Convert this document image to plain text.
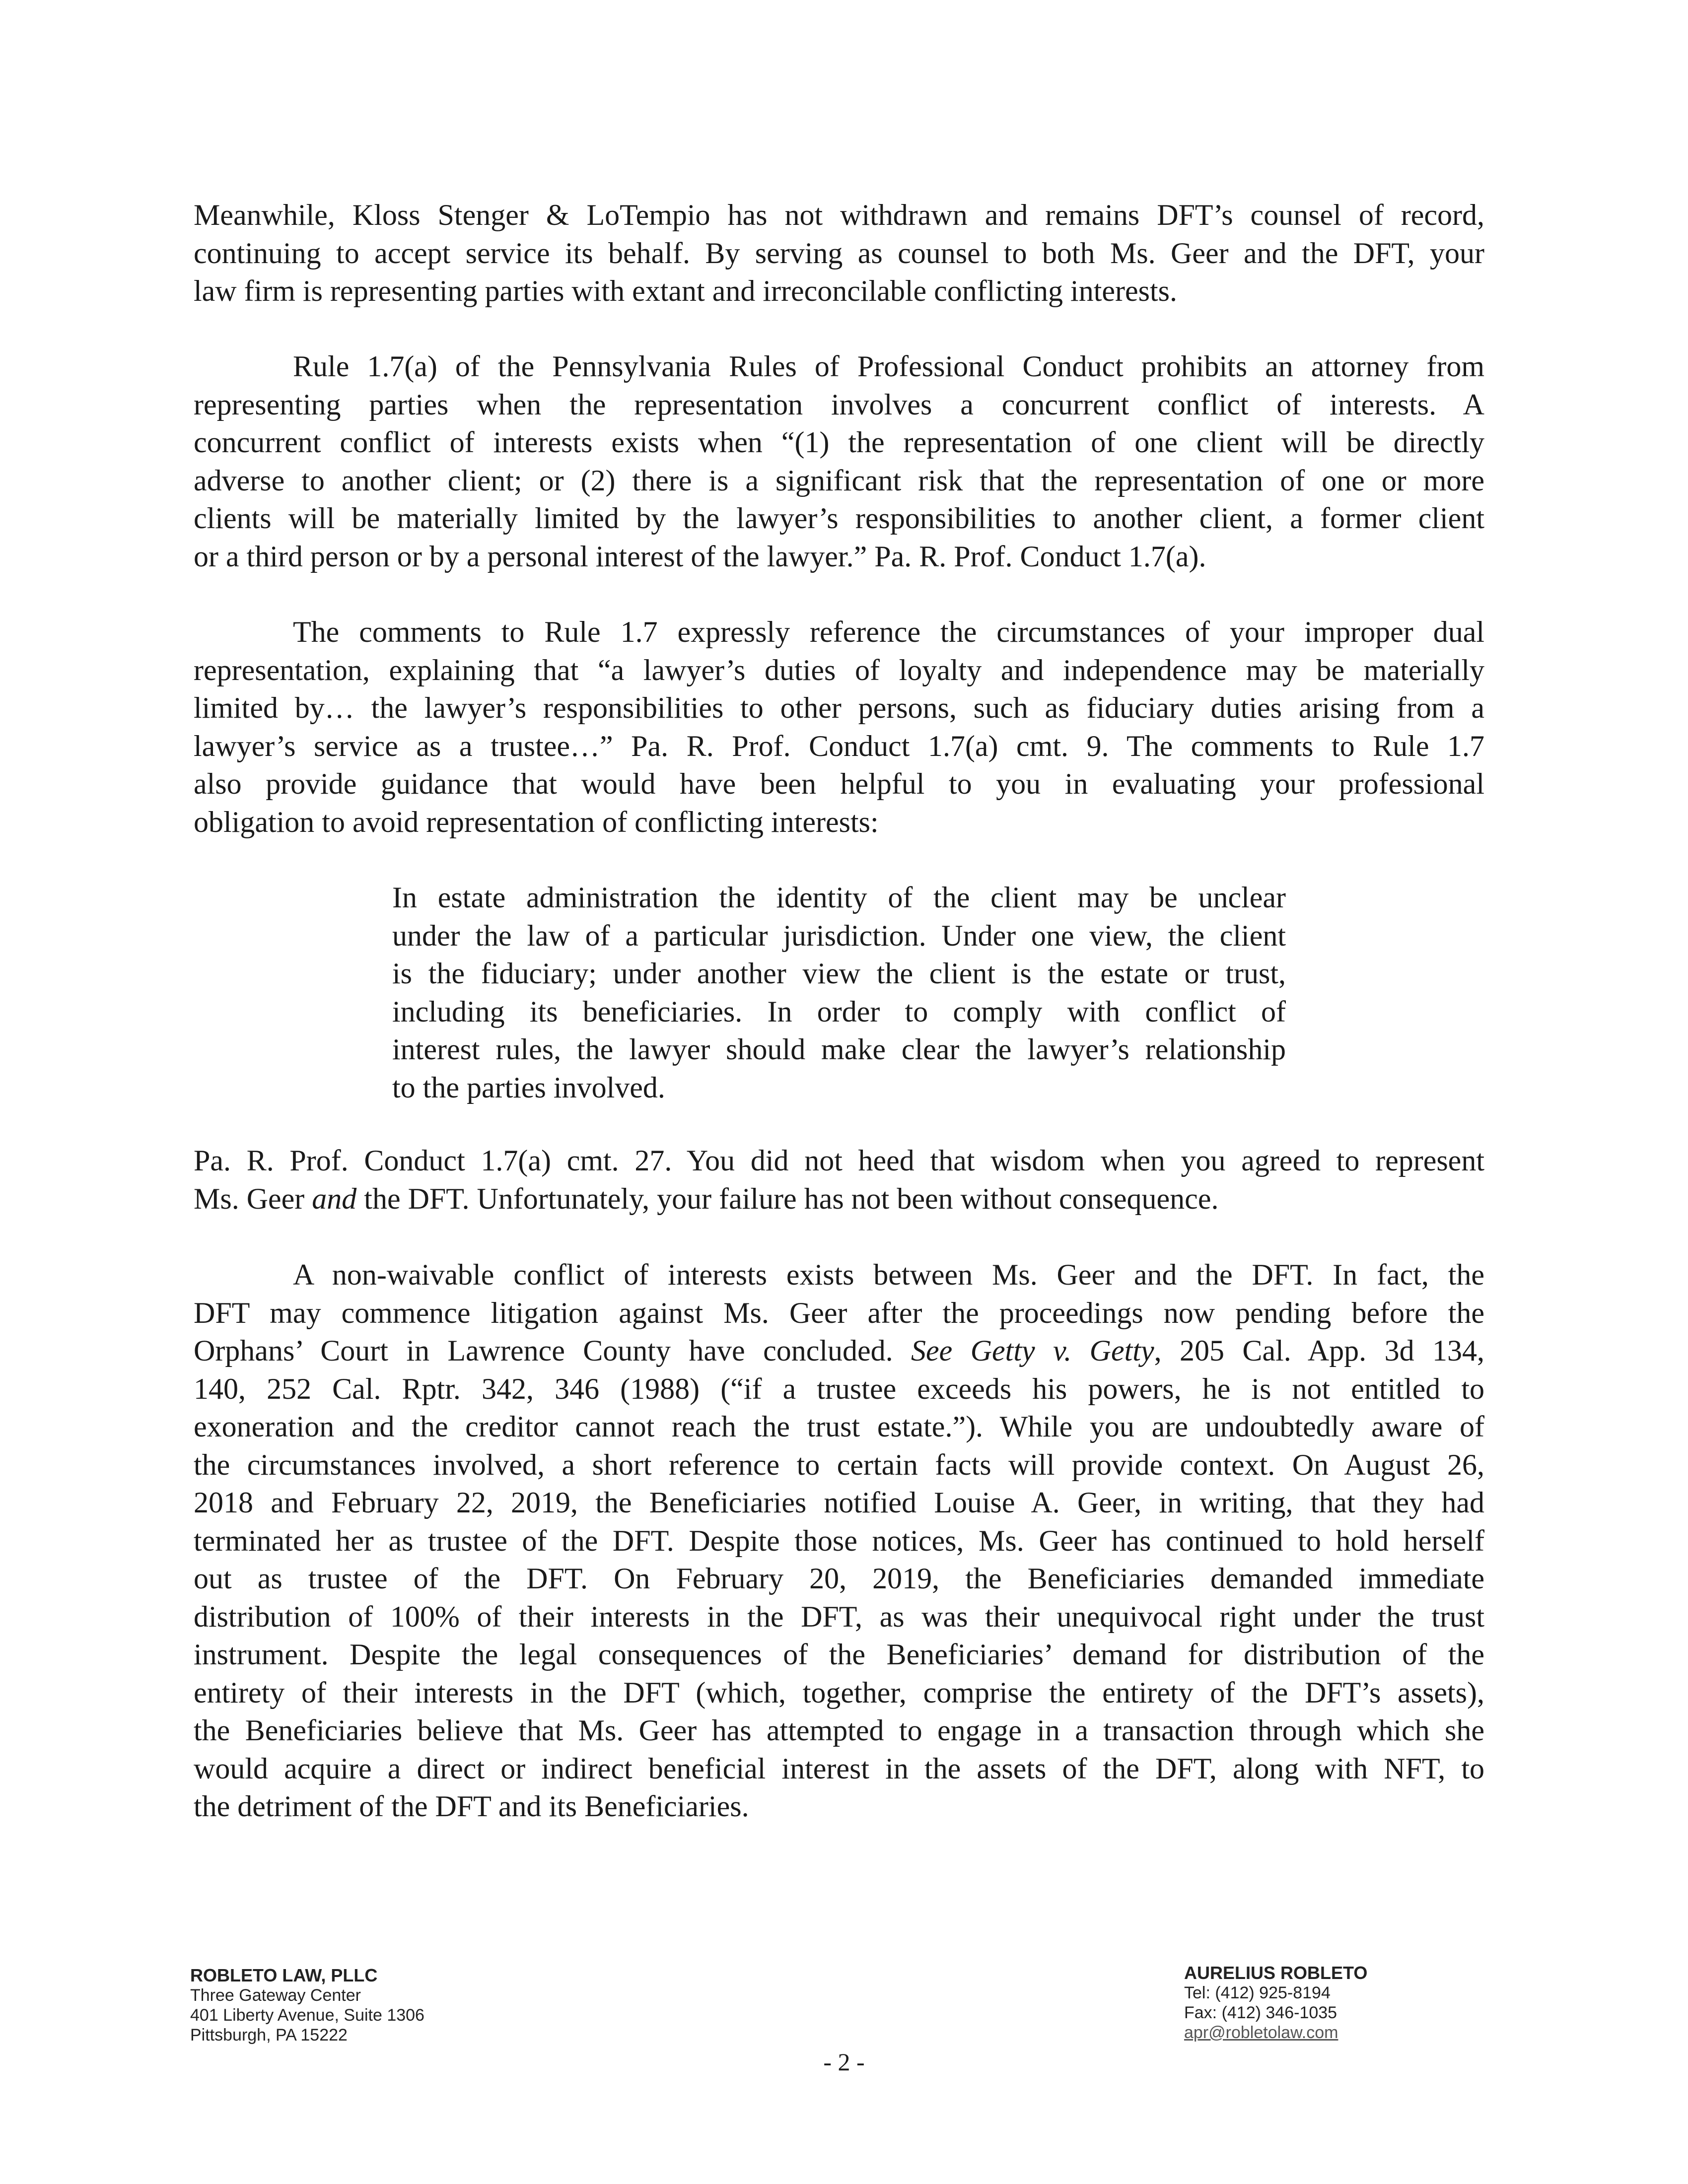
Meanwhile, Kloss Stenger & LoTempio has not withdrawn and remains DFT’s counsel of record,
continuing to accept service its behalf. By serving as counsel to both Ms. Geer and the DFT, your
law firm is representing parties with extant and irreconcilable conflicting interests.
Rule 1.7(a) of the Pennsylvania Rules of Professional Conduct prohibits an attorney from
representing parties when the representation involves a concurrent conflict of interests. A
concurrent conflict of interests exists when “(1) the representation of one client will be directly
adverse to another client; or (2) there is a significant risk that the representation of one or more
clients will be materially limited by the lawyer’s responsibilities to another client, a former client
or a third person or by a personal interest of the lawyer.” Pa. R. Prof. Conduct 1.7(a).
The comments to Rule 1.7 expressly reference the circumstances of your improper dual
representation, explaining that “a lawyer’s duties of loyalty and independence may be materially
limited by… the lawyer’s responsibilities to other persons, such as fiduciary duties arising from a
lawyer’s service as a trustee…” Pa. R. Prof. Conduct 1.7(a) cmt. 9. The comments to Rule 1.7
also provide guidance that would have been helpful to you in evaluating your professional
obligation to avoid representation of conflicting interests:
In estate administration the identity of the client may be unclear
under the law of a particular jurisdiction. Under one view, the client
is the fiduciary; under another view the client is the estate or trust,
including its beneficiaries. In order to comply with conflict of
interest rules, the lawyer should make clear the lawyer’s relationship
to the parties involved.
Pa. R. Prof. Conduct 1.7(a) cmt. 27. You did not heed that wisdom when you agreed to represent
Ms. Geer and the DFT. Unfortunately, your failure has not been without consequence.
A non-waivable conflict of interests exists between Ms. Geer and the DFT. In fact, the
DFT may commence litigation against Ms. Geer after the proceedings now pending before the
Orphans’ Court in Lawrence County have concluded. See Getty v. Getty, 205 Cal. App. 3d 134,
140, 252 Cal. Rptr. 342, 346 (1988) (“if a trustee exceeds his powers, he is not entitled to
exoneration and the creditor cannot reach the trust estate.”). While you are undoubtedly aware of
the circumstances involved, a short reference to certain facts will provide context. On August 26,
2018 and February 22, 2019, the Beneficiaries notified Louise A. Geer, in writing, that they had
terminated her as trustee of the DFT. Despite those notices, Ms. Geer has continued to hold herself
out as trustee of the DFT. On February 20, 2019, the Beneficiaries demanded immediate
distribution of 100% of their interests in the DFT, as was their unequivocal right under the trust
instrument. Despite the legal consequences of the Beneficiaries’ demand for distribution of the
entirety of their interests in the DFT (which, together, comprise the entirety of the DFT’s assets),
the Beneficiaries believe that Ms. Geer has attempted to engage in a transaction through which she
would acquire a direct or indirect beneficial interest in the assets of the DFT, along with NFT, to
the detriment of the DFT and its Beneficiaries.
ROBLETO LAW, PLLC
Three Gateway Center
401 Liberty Avenue, Suite 1306
Pittsburgh, PA 15222
- 2 -
AURELIUS ROBLETO
Tel: (412) 925-8194
Fax: (412) 346-1035
apr@robletolaw.com
